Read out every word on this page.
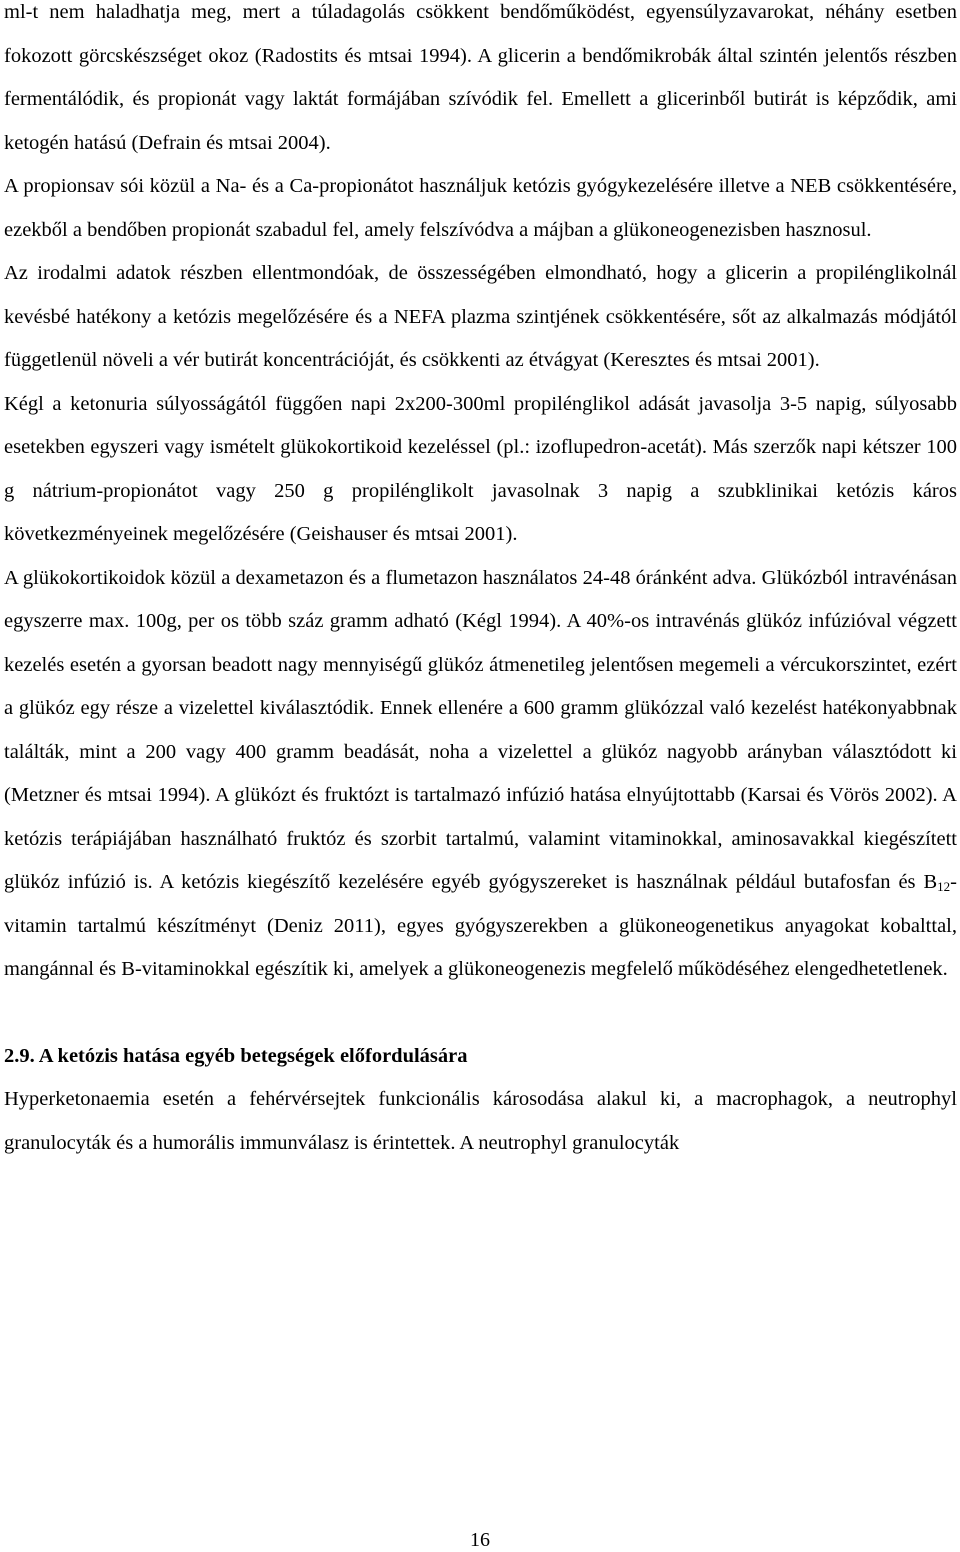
ml-t nem haladhatja meg, mert a túladagolás csökkent bendőműködést, egyensúlyzavarokat, néhány esetben fokozott görcskészséget okoz (Radostits és mtsai 1994). A glicerin a bendőmikrobák által szintén jelentős részben fermentálódik, és propionát vagy laktát formájában szívódik fel. Emellett a glicerinből butirát is képződik, ami ketogén hatású (Defrain és mtsai 2004).

A propionsav sói közül a Na- és a Ca-propionátot használjuk ketózis gyógykezelésére illetve a NEB csökkentésére, ezekből a bendőben propionát szabadul fel, amely felszívódva a májban a glükoneogenezisben hasznosul.

Az irodalmi adatok részben ellentmondóak, de összességében elmondható, hogy a glicerin a propilénglikolnál kevésbé hatékony a ketózis megelőzésére és a NEFA plazma szintjének csökkentésére, sőt az alkalmazás módjától függetlenül növeli a vér butirát koncentrációját, és csökkenti az étvágyat (Keresztes és mtsai 2001).

Kégl a ketonuria súlyosságától függően napi 2x200-300ml propilénglikol adását javasolja 3-5 napig, súlyosabb esetekben egyszeri vagy ismételt glükokortikoid kezeléssel (pl.: izoflupedron-acetát). Más szerzők napi kétszer 100 g nátrium-propionátot vagy 250 g propilénglikolt javasolnak 3 napig a szubklinikai ketózis káros következményeinek megelőzésére (Geishauser és mtsai 2001).

A glükokortikoidok közül a dexametazon és a flumetazon használatos 24-48 óránként adva. Glükózból intravénásan egyszerre max. 100g, per os több száz gramm adható (Kégl 1994). A 40%-os intravénás glükóz infúzióval végzett kezelés esetén a gyorsan beadott nagy mennyiségű glükóz átmenetileg jelentősen megemeli a vércukorszintet, ezért a glükóz egy része a vizelettel kiválasztódik. Ennek ellenére a 600 gramm glükózzal való kezelést hatékonyabbnak találták, mint a 200 vagy 400 gramm beadását, noha a vizelettel a glükóz nagyobb arányban választódott ki (Metzner és mtsai 1994). A glükózt és fruktózt is tartalmazó infúzió hatása elnyújtottabb (Karsai és Vörös 2002). A ketózis terápiájában használható fruktóz és szorbit tartalmú, valamint vitaminokkal, aminosavakkal kiegészített glükóz infúzió is. A ketózis kiegészítő kezelésére egyéb gyógyszereket is használnak például butafosfan és $B_{12}$-vitamin tartalmú készítményt (Deniz 2011), egyes gyógyszerekben a glükoneogenetikus anyagokat kobalttal, mangánnal és B-vitaminokkal egészítik ki, amelyek a glükoneogenezis megfelelő működéséhez elengedhetetlenek.

2.9. A ketózis hatása egyéb betegségek előfordulására

Hyperketonaemia esetén a fehérvérsejtek funkcionális károsodása alakul ki, a macrophagok, a neutrophyl granulocyták és a humorális immunválasz is érintettek. A neutrophyl granulocyták

16
